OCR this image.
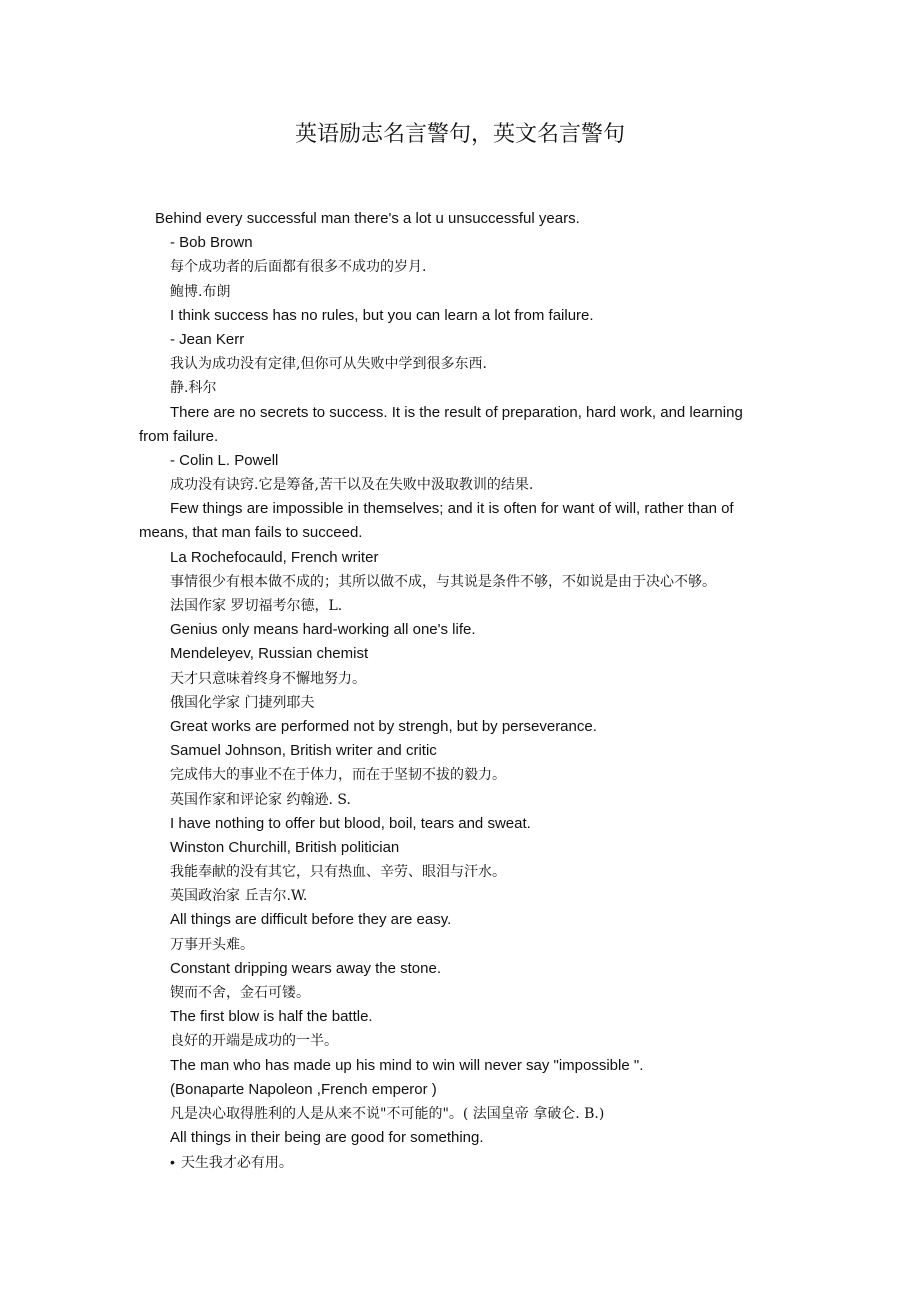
英语励志名言警句，英文名言警句

Behind every successful man there's a lot u unsuccessful years.

- Bob Brown

每个成功者的后面都有很多不成功的岁月.

鲍博.布朗

I think success has no rules, but you can learn a lot from failure.

- Jean Kerr

我认为成功没有定律,但你可从失败中学到很多东西.

静.科尔

There are no secrets to success. It is the result of preparation, hard work, and learning

from failure.

- Colin L. Powell

成功没有诀窍.它是筹备,苦干以及在失败中汲取教训的结果.

Few things are impossible in themselves; and it is often for want of will, rather than of

means, that man fails to succeed.

La Rochefocauld, French writer

事情很少有根本做不成的；其所以做不成，与其说是条件不够，不如说是由于决心不够。

法国作家 罗切福考尔德，L.

Genius only means hard-working all one's life.

Mendeleyev, Russian chemist

天才只意味着终身不懈地努力。

俄国化学家 门捷列耶夫

Great works are performed not by strengh, but by perseverance.

Samuel Johnson, British writer and critic

完成伟大的事业不在于体力，而在于坚韧不拔的毅力。

英国作家和评论家 约翰逊. S.

I have nothing to offer but blood, boil, tears and sweat.

Winston Churchill, British politician

我能奉献的没有其它，只有热血、辛劳、眼泪与汗水。

英国政治家 丘吉尔.W.

All things are difficult before they are easy.

万事开头难。

Constant dripping wears away the stone.

锲而不舍，金石可镂。

The first blow is half the battle.

良好的开端是成功的一半。

The man who has made up his mind to win will never say "impossible ".

(Bonaparte Napoleon ,French emperor )

凡是决心取得胜利的人是从来不说"不可能的"。( 法国皇帝 拿破仑. B.)

All things in their being are good for something.

• 天生我才必有用。
